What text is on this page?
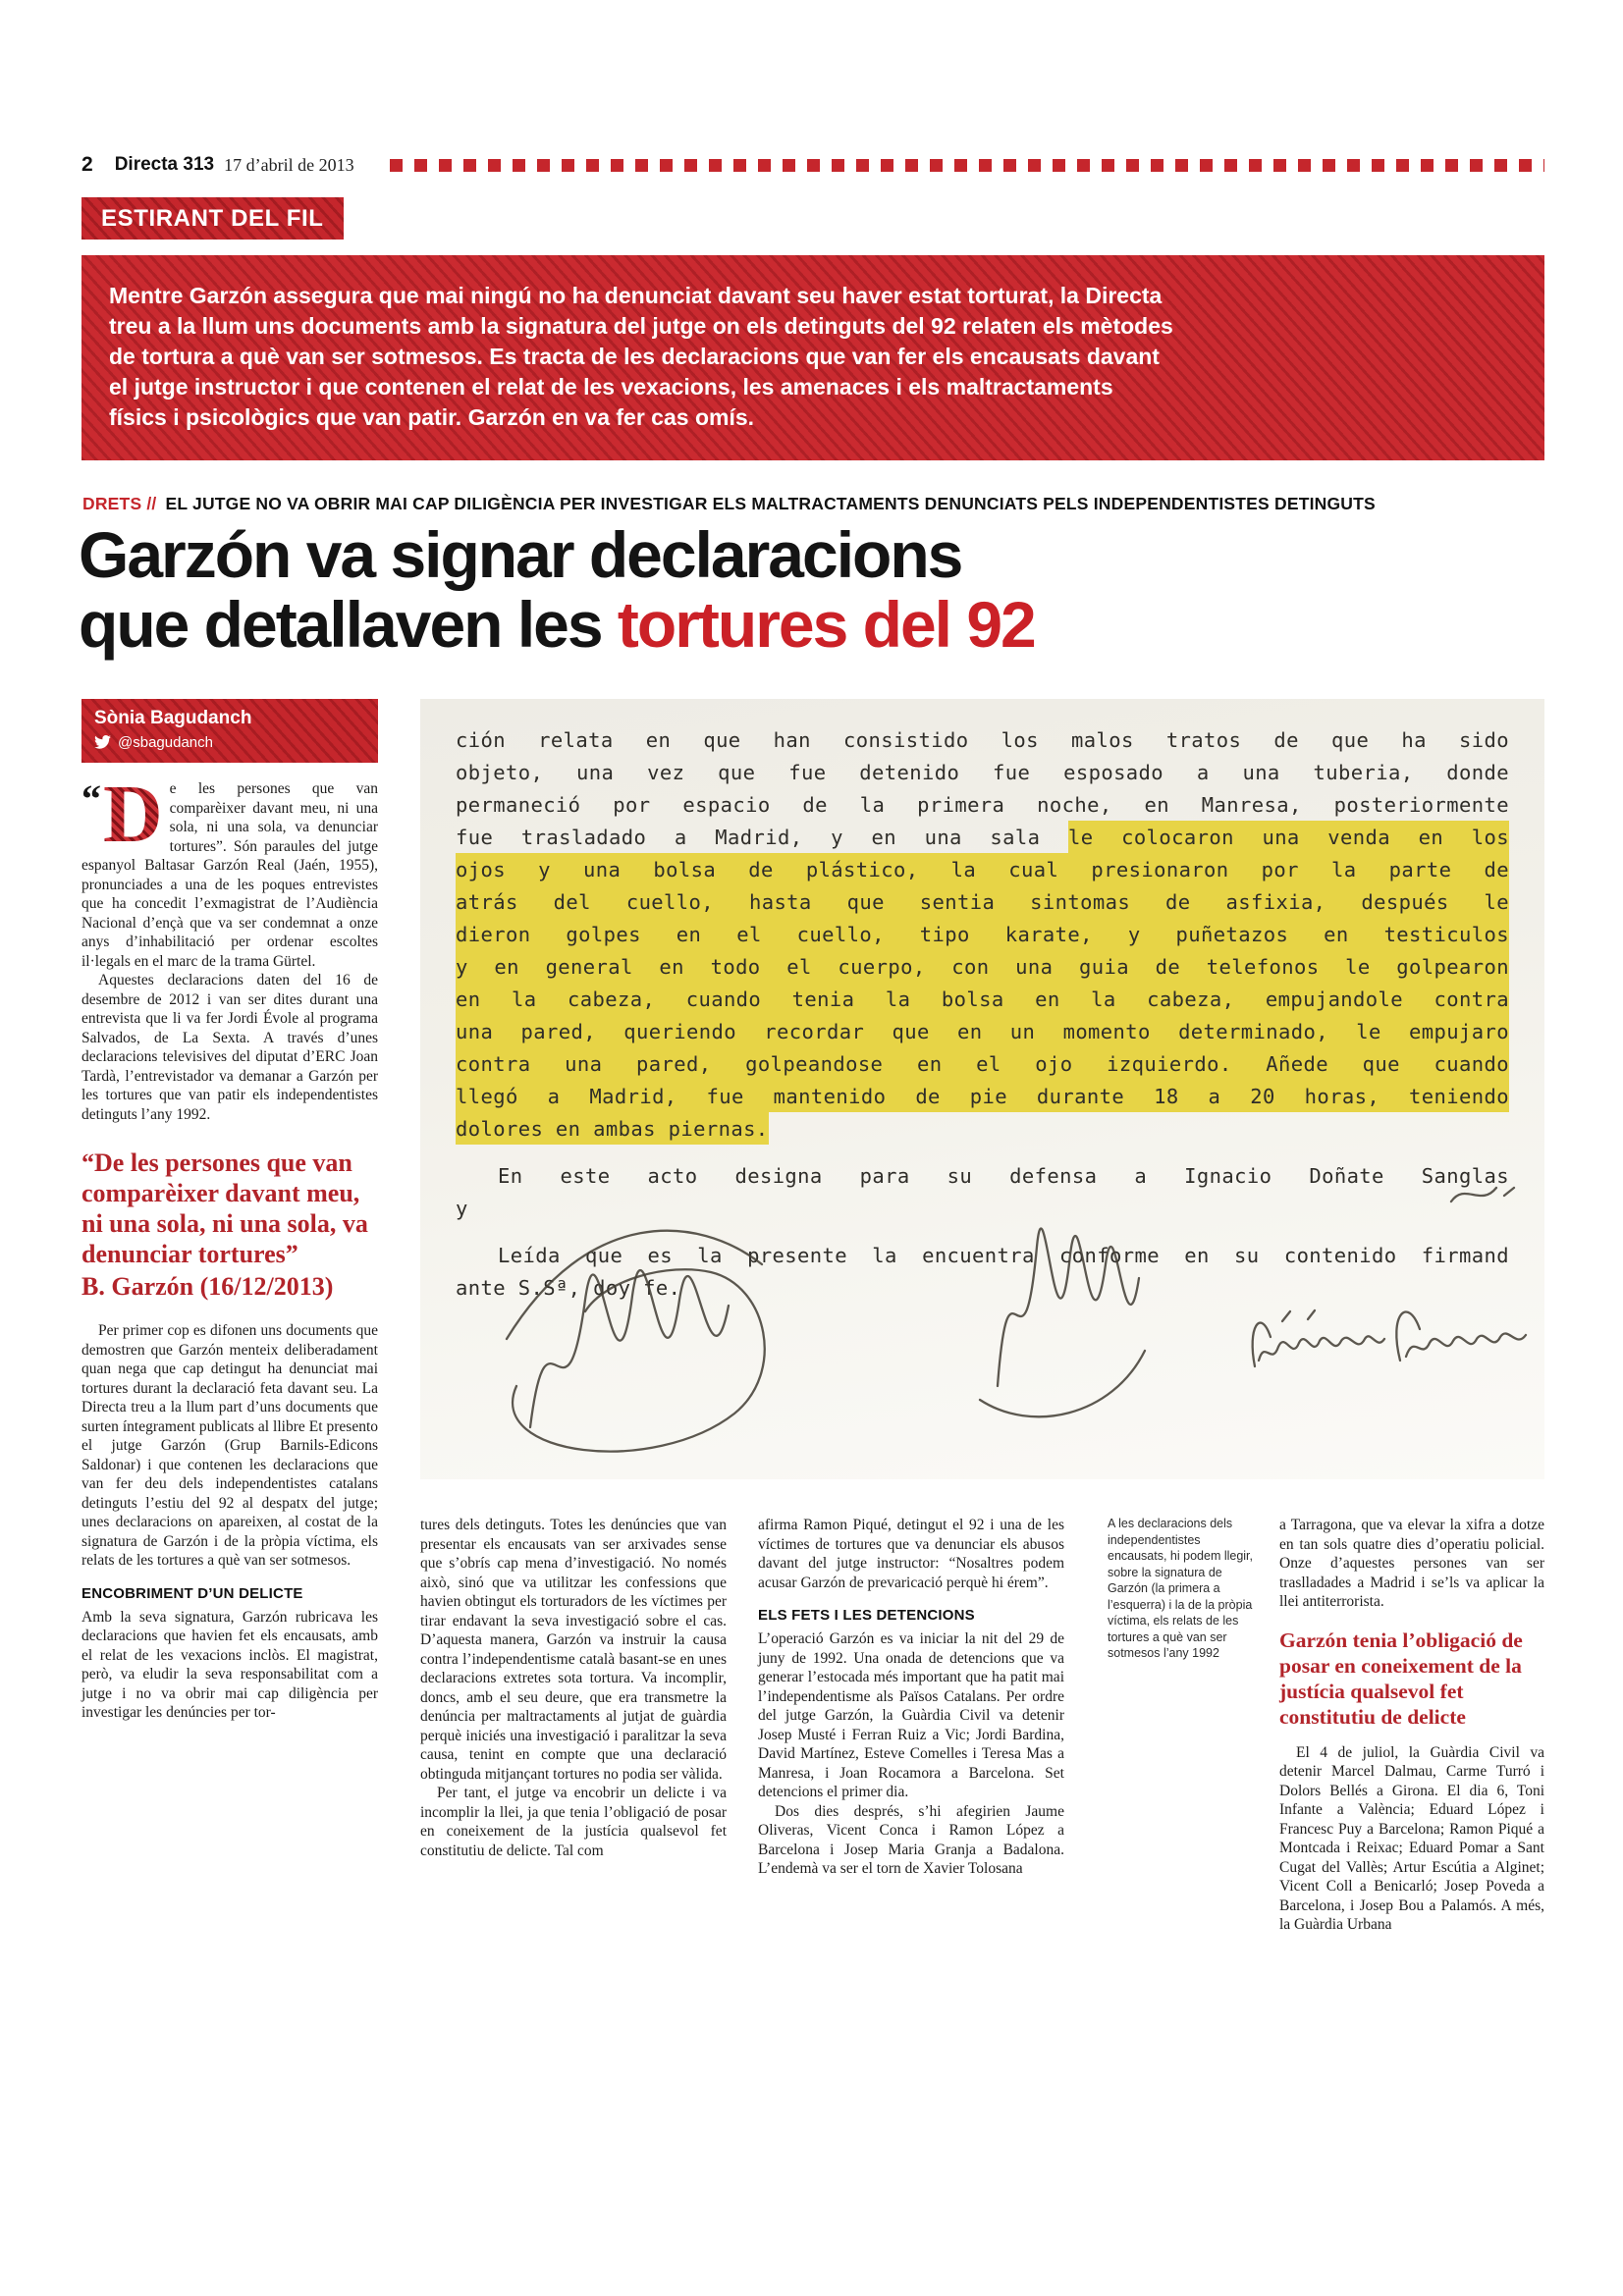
2 Directa 313 17 d’abril de 2013
ESTIRANT DEL FIL
Mentre Garzón assegura que mai ningú no ha denunciat davant seu haver estat torturat, la Directa treu a la llum uns documents amb la signatura del jutge on els detinguts del 92 relaten els mètodes de tortura a què van ser sotmesos. Es tracta de les declaracions que van fer els encausats davant el jutge instructor i que contenen el relat de les vexacions, les amenaces i els maltractaments físics i psicològics que van patir. Garzón en va fer cas omís.
DRETS // EL JUTGE NO VA OBRIR MAI CAP DILIGÈNCIA PER INVESTIGAR ELS MALTRACTAMENTS DENUNCIATS PELS INDEPENDENTISTES DETINGUTS
Garzón va signar declaracions
que detallaven les tortures del 92
Sònia Bagudanch
@sbagudanch

“ D e les persones que van comparèixer davant meu, ni una sola, ni una sola, va denunciar tortures”. Són paraules del jutge espanyol Baltasar Garzón Real (Jaén, 1955), pronunciades a una de les poques entrevistes que ha concedit l’exmagistrat de l’Audiència Nacional d’ençà que va ser condemnat a onze anys d’inhabilitació per ordenar escoltes il·legals en el marc de la trama Gürtel.

Aquestes declaracions daten del 16 de desembre de 2012 i van ser dites durant una entrevista que li va fer Jordi Évole al programa Salvados, de La Sexta. A través d’unes declaracions televisives del diputat d’ERC Joan Tardà, l’entrevistador va demanar a Garzón per les tortures que van patir els independentistes detinguts l’any 1992.

“De les persones que van comparèixer davant meu, ni una sola, ni una sola, va denunciar tortures”
B. Garzón (16/12/2013)

Per primer cop es difonen uns documents que demostren que Garzón menteix deliberadament quan nega que cap detingut ha denunciat mai tortures durant la declaració feta davant seu. La Directa treu a la llum part d’uns documents que surten íntegrament publicats al llibre Et presento el jutge Garzón (Grup Barnils-Edicons Saldonar) i que contenen les declaracions que van fer deu dels independentistes catalans detinguts l’estiu del 92 al despatx del jutge; unes declaracions on apareixen, al costat de la signatura de Garzón i de la pròpia víctima, els relats de les tortures a què van ser sotmesos.

ENCOBRIMENT D’UN DELICTE

Amb la seva signatura, Garzón rubricava les declaracions que havien fet els encausats, amb el relat de les vexacions inclòs. El magistrat, però, va eludir la seva responsabilitat com a jutge i no va obrir mai cap diligència per investigar les denúncies per tor-

ción relata en que han consistido los malos tratos de que ha sido
objeto, una vez que fue detenido fue esposado a una tuberia, donde
permaneció por espacio de la primera noche, en Manresa, posteriormente
fue trasladado a Madrid, y en una sala le colocaron una venda en los
ojos y una bolsa de plástico, la cual presionaron por la parte de
atrás del cuello, hasta que sentia sintomas de asfixia, después le
dieron golpes en el cuello, tipo karate, y puñetazos en testiculos
y en general en todo el cuerpo, con una guia de telefonos le golpearon
en la cabeza, cuando tenia la bolsa en la cabeza, empujandole contra
una pared, queriendo recordar que en un momento determinado, le empujaro
contra una pared, golpeandose en el ojo izquierdo. Añede que cuando
llegó a Madrid, fue mantenido de pie durante 18 a 20 horas, teniendo
dolores en ambas piernas.
En este acto designa para su defensa a Ignacio Doñate Sanglas
y
Leída que es la presente la encuentra conforme en su contenido firmand
ante S.Sª, doy fe.
A les declaracions dels independentistes encausats, hi podem llegir, sobre la signatura de Garzón (la primera a l’esquerra) i la de la pròpia víctima, els relats de les tortures a què van ser sotmesos l’any 1992

tures dels detinguts. Totes les denúncies que van presentar els encausats van ser arxivades sense que s’obrís cap mena d’investigació. No només això, sinó que va utilitzar les confessions que havien obtingut els torturadors de les víctimes per tirar endavant la seva investigació sobre el cas. D’aquesta manera, Garzón va instruir la causa contra l’independentisme català basant-se en unes declaracions extretes sota tortura. Va incomplir, doncs, amb el seu deure, que era transmetre la denúncia per maltractaments al jutjat de guàrdia perquè iniciés una investigació i paralitzar la seva causa, tenint en compte que una declaració obtinguda mitjançant tortures no podia ser vàlida.

Per tant, el jutge va encobrir un delicte i va incomplir la llei, ja que tenia l’obligació de posar en coneixement de la justícia qualsevol fet constitutiu de delicte. Tal com

afirma Ramon Piqué, detingut el 92 i una de les víctimes de tortures que va denunciar els abusos davant del jutge instructor: “Nosaltres podem acusar Garzón de prevaricació perquè hi érem”.

ELS FETS I LES DETENCIONS

L’operació Garzón es va iniciar la nit del 29 de juny de 1992. Una onada de detencions que va generar l’estocada més important que ha patit mai l’independentisme als Països Catalans. Per ordre del jutge Garzón, la Guàrdia Civil va detenir Josep Musté i Ferran Ruiz a Vic; Jordi Bardina, David Martínez, Esteve Comelles i Teresa Mas a Manresa, i Joan Rocamora a Barcelona. Set detencions el primer dia.

Dos dies després, s’hi afegirien Jaume Oliveras, Vicent Conca i Ramon López a Barcelona i Josep Maria Granja a Badalona. L’endemà va ser el torn de Xavier Tolosana

a Tarragona, que va elevar la xifra a dotze en tan sols quatre dies d’operatiu policial. Onze d’aquestes persones van ser traslladades a Madrid i se’ls va aplicar la llei antiterrorista.

Garzón tenia l’obligació de posar en coneixement de la justícia qualsevol fet constitutiu de delicte

El 4 de juliol, la Guàrdia Civil va detenir Marcel Dalmau, Carme Turró i Dolors Bellés a Girona. El dia 6, Toni Infante a València; Eduard López i Francesc Puy a Barcelona; Ramon Piqué a Montcada i Reixac; Eduard Pomar a Sant Cugat del Vallès; Artur Escútia a Alginet; Vicent Coll a Benicarló; Josep Poveda a Barcelona, i Josep Bou a Palamós. A més, la Guàrdia Urbana
